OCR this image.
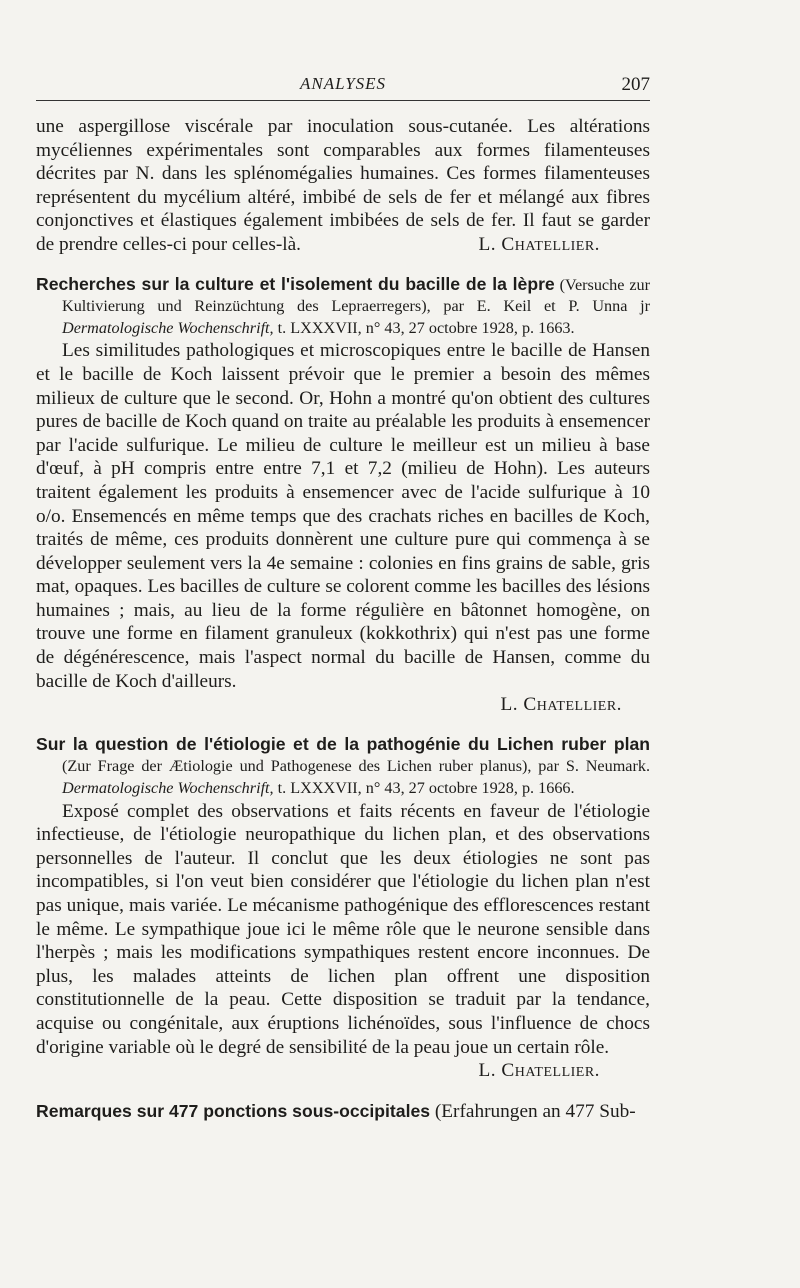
ANALYSES	207

une aspergillose viscérale par inoculation sous-cutanée. Les altérations mycéliennes expérimentales sont comparables aux formes filamenteuses décrites par N. dans les splénomégalies humaines. Ces formes filamenteuses représentent du mycélium altéré, imbibé de sels de fer et mélangé aux fibres conjonctives et élastiques également imbibées de sels de fer. Il faut se garder de prendre celles-ci pour celles-là.	L. Chatellier.

Recherches sur la culture et l'isolement du bacille de la lèpre (Versuche zur Kultivierung und Reinzüchtung des Lepraerregers), par E. Keil et P. Unna jr Dermatologische Wochenschrift, t. LXXXVII, n° 43, 27 octobre 1928, p. 1663.

Les similitudes pathologiques et microscopiques entre le bacille de Hansen et le bacille de Koch laissent prévoir que le premier a besoin des mêmes milieux de culture que le second. Or, Hohn a montré qu'on obtient des cultures pures de bacille de Koch quand on traite au préalable les produits à ensemencer par l'acide sulfurique. Le milieu de culture le meilleur est un milieu à base d'œuf, à pH compris entre entre 7,1 et 7,2 (milieu de Hohn). Les auteurs traitent également les produits à ensemencer avec de l'acide sulfurique à 10 o/o. Ensemencés en même temps que des crachats riches en bacilles de Koch, traités de même, ces produits donnèrent une culture pure qui commença à se développer seulement vers la 4e semaine : colonies en fins grains de sable, gris mat, opaques. Les bacilles de culture se colorent comme les bacilles des lésions humaines ; mais, au lieu de la forme régulière en bâtonnet homogène, on trouve une forme en filament granuleux (kokkothrix) qui n'est pas une forme de dégénérescence, mais l'aspect normal du bacille de Hansen, comme du bacille de Koch d'ailleurs.

L. Chatellier.

Sur la question de l'étiologie et de la pathogénie du Lichen ruber plan (Zur Frage der Ætiologie und Pathogenese des Lichen ruber planus), par S. Neumark. Dermatologische Wochenschrift, t. LXXXVII, n° 43, 27 octobre 1928, p. 1666.

Exposé complet des observations et faits récents en faveur de l'étiologie infectieuse, de l'étiologie neuropathique du lichen plan, et des observations personnelles de l'auteur. Il conclut que les deux étiologies ne sont pas incompatibles, si l'on veut bien considérer que l'étiologie du lichen plan n'est pas unique, mais variée. Le mécanisme pathogénique des efflorescences restant le même. Le sympathique joue ici le même rôle que le neurone sensible dans l'herpès ; mais les modifications sympathiques restent encore inconnues. De plus, les malades atteints de lichen plan offrent une disposition constitutionnelle de la peau. Cette disposition se traduit par la tendance, acquise ou congénitale, aux éruptions lichénoïdes, sous l'influence de chocs d'origine variable où le degré de sensibilité de la peau joue un certain rôle.

L. Chatellier.

Remarques sur 477 ponctions sous-occipitales (Erfahrungen an 477 Sub-
